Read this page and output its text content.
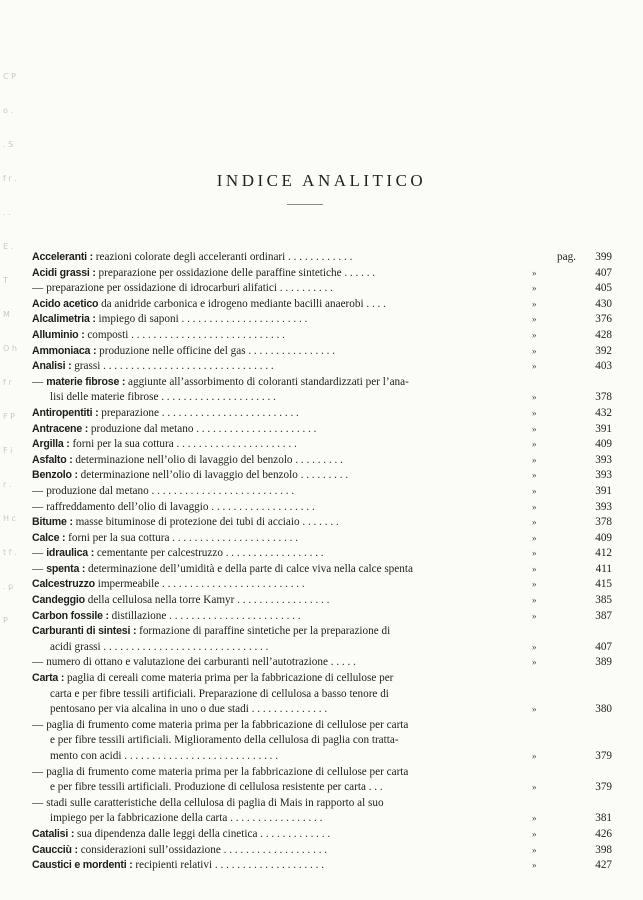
C P o . . S f r . . . E . T M O h f r F P F i r . H c t f . . p P
INDICE ANALITICO
Acceleranti : reazioni colorate degli acceleranti ordinari . . . . . . . . . . . .	pag.	399
Acidi grassi : preparazione per ossidazione delle paraffine sintetiche . . . . . .	»	407
— preparazione per ossidazione di idrocarburi alifatici . . . . . . . . . .	»	405
Acido acetico da anidride carbonica e idrogeno mediante bacilli anaerobi . . . .	»	430
Alcalimetria : impiego di saponi . . . . . . . . . . . . . . . . . . . . . . .	»	376
Alluminio : composti . . . . . . . . . . . . . . . . . . . . . . . . . . . .	»	428
Ammoniaca : produzione nelle officine del gas . . . . . . . . . . . . . . . .	»	392
Analisi : grassi . . . . . . . . . . . . . . . . . . . . . . . . . . . . . . .	»	403
— materie fibrose : aggiunte all’assorbimento di coloranti standardizzati per l’ana-
lisi delle materie fibrose . . . . . . . . . . . . . . . . . . . . .	»	378
Antiropentiti : preparazione . . . . . . . . . . . . . . . . . . . . . . . . .	»	432
Antracene : produzione dal metano . . . . . . . . . . . . . . . . . . . . . .	»	391
Argilla : forni per la sua cottura . . . . . . . . . . . . . . . . . . . . . .	»	409
Asfalto : determinazione nell’olio di lavaggio del benzolo . . . . . . . . .	»	393
Benzolo : determinazione nell’olio di lavaggio del benzolo . . . . . . . . .	»	393
— produzione dal metano . . . . . . . . . . . . . . . . . . . . . . . . . .	»	391
— raffreddamento dell’olio di lavaggio . . . . . . . . . . . . . . . . . . .	»	393
Bitume : masse bituminose di protezione dei tubi di acciaio . . . . . . .	»	378
Calce : forni per la sua cottura . . . . . . . . . . . . . . . . . . . . . . .	»	409
— idraulica : cementante per calcestruzzo . . . . . . . . . . . . . . . . . .	»	412
— spenta : determinazione dell’umidità e della parte di calce viva nella calce spenta	»	411
Calcestruzzo impermeabile . . . . . . . . . . . . . . . . . . . . . . . . . .	»	415
Candeggio della cellulosa nella torre Kamyr . . . . . . . . . . . . . . . . .	»	385
Carbon fossile : distillazione . . . . . . . . . . . . . . . . . . . . . . . .	»	387
Carburanti di sintesi : formazione di paraffine sintetiche per la preparazione di
acidi grassi . . . . . . . . . . . . . . . . . . . . . . . . . . . . . .	»	407
— numero di ottano e valutazione dei carburanti nell’autotrazione . . . . .	»	389
Carta : paglia di cereali come materia prima per la fabbricazione di cellulose per
carta e per fibre tessili artificiali. Preparazione di cellulosa a basso tenore di
pentosano per via alcalina in uno o due stadi . . . . . . . . . . . . . .	»	380
— paglia di frumento come materia prima per la fabbricazione di cellulose per carta
e per fibre tessili artificiali. Miglioramento della cellulosa di paglia con tratta-
mento con acidi . . . . . . . . . . . . . . . . . . . . . . . . . . . .	»	379
— paglia di frumento come materia prima per la fabbricazione di cellulose per carta
e per fibre tessili artificiali. Produzione di cellulosa resistente per carta . . .	»	379
— stadi sulle caratteristiche della cellulosa di paglia di Mais in rapporto al suo
impiego per la fabbricazione della carta . . . . . . . . . . . . . . . . .	»	381
Catalisi : sua dipendenza dalle leggi della cinetica . . . . . . . . . . . . .	»	426
Caucciù : considerazioni sull’ossidazione . . . . . . . . . . . . . . . . . . .	»	398
Caustici e mordenti : recipienti relativi . . . . . . . . . . . . . . . . . . . .	»	427
